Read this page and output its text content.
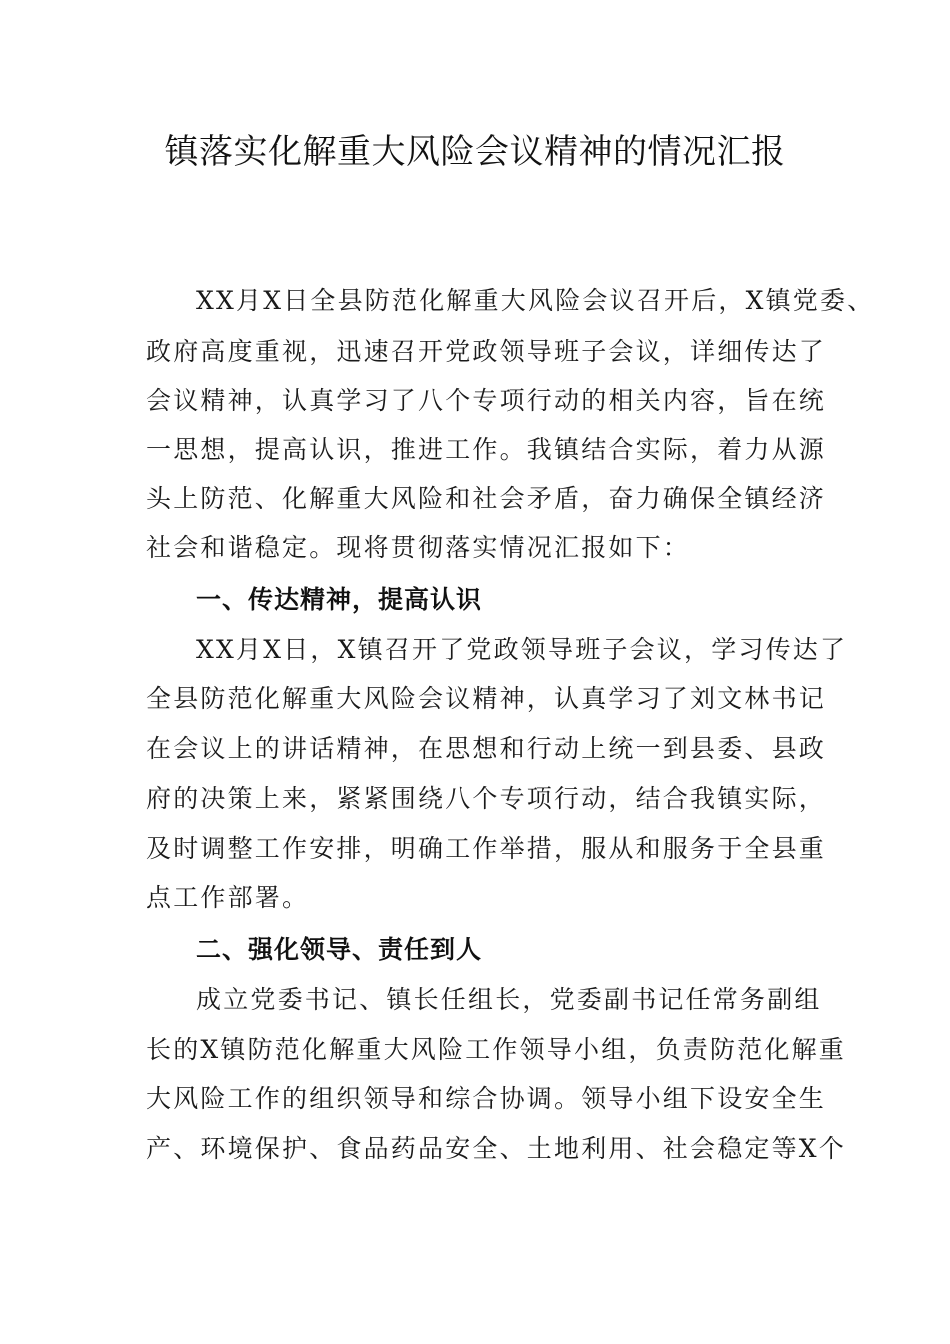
镇落实化解重大风险会议精神的情况汇报
XX月X日全县防范化解重大风险会议召开后，X镇党委、
政府高度重视，迅速召开党政领导班子会议，详细传达了
会议精神，认真学习了八个专项行动的相关内容，旨在统
一思想，提高认识，推进工作。我镇结合实际，着力从源
头上防范、化解重大风险和社会矛盾，奋力确保全镇经济
社会和谐稳定。现将贯彻落实情况汇报如下：
一、传达精神，提高认识
XX月X日，X镇召开了党政领导班子会议，学习传达了
全县防范化解重大风险会议精神，认真学习了刘文林书记
在会议上的讲话精神，在思想和行动上统一到县委、县政
府的决策上来，紧紧围绕八个专项行动，结合我镇实际，
及时调整工作安排，明确工作举措，服从和服务于全县重
点工作部署。
二、强化领导、责任到人
成立党委书记、镇长任组长，党委副书记任常务副组
长的X镇防范化解重大风险工作领导小组，负责防范化解重
大风险工作的组织领导和综合协调。领导小组下设安全生
产、环境保护、食品药品安全、土地利用、社会稳定等X个
